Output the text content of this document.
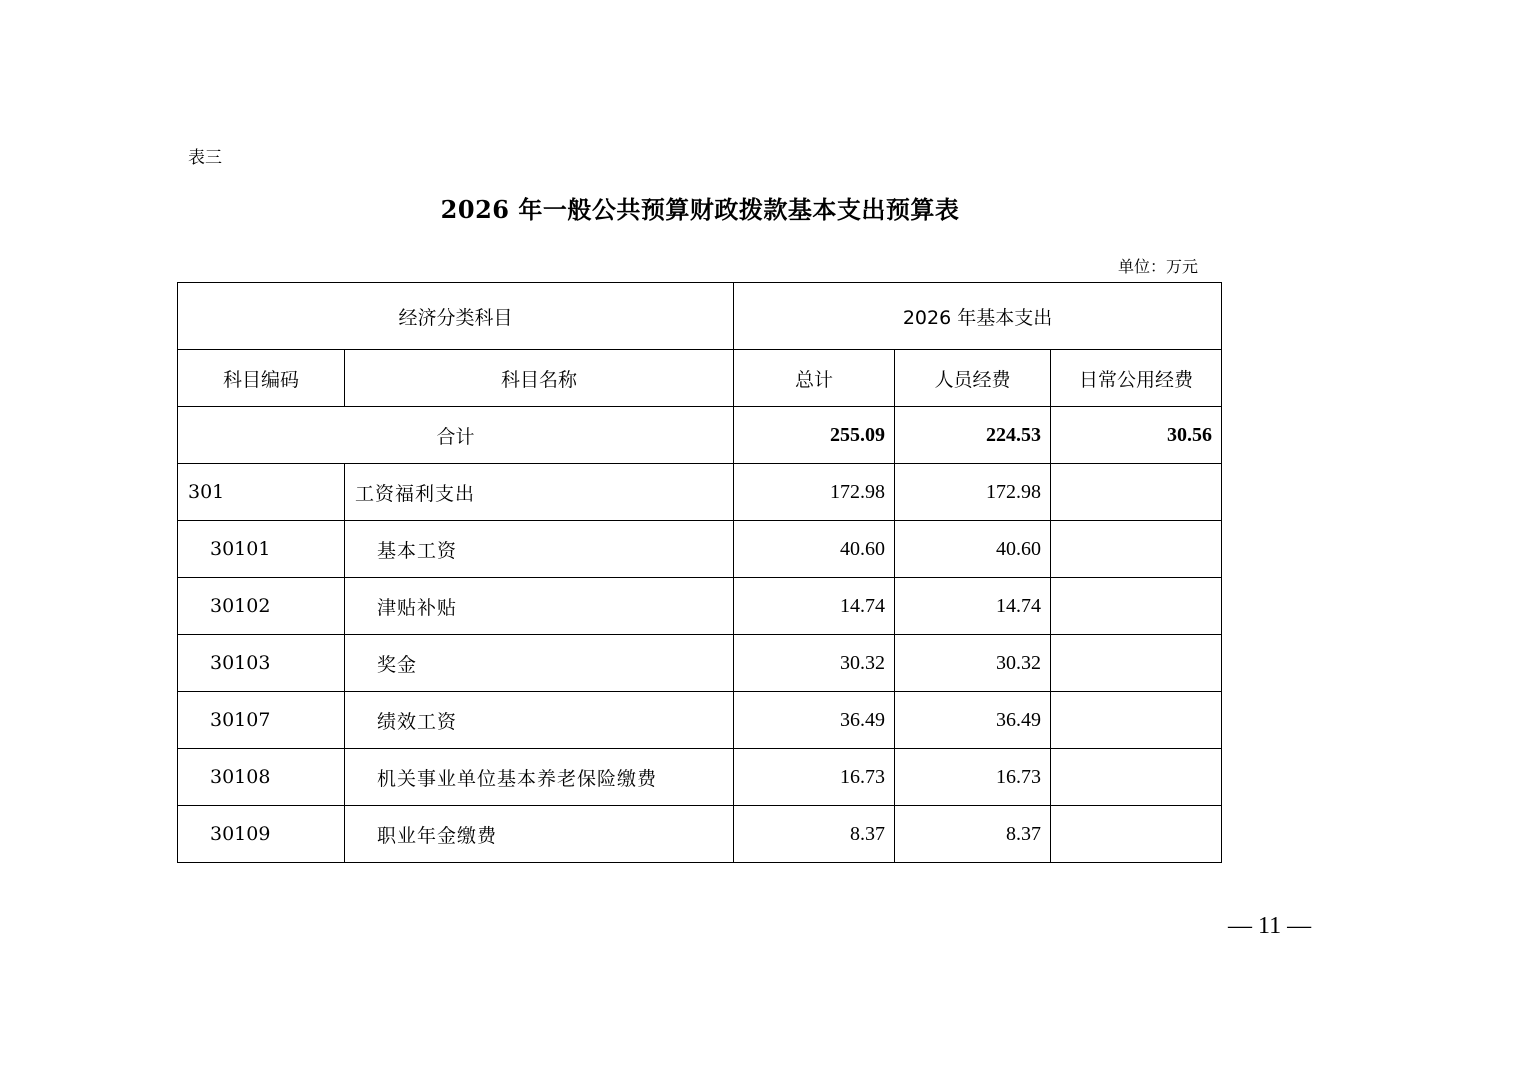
表三
2026 年一般公共预算财政拨款基本支出预算表
单位：万元
经济分类科目		2026 年基本支出		
科目编码	科目名称	总计	人员经费	日常公用经费
合计		255.09	224.53	30.56
301	工资福利支出	172.98	172.98	
30101	基本工资	40.60	40.60	
30102	津贴补贴	14.74	14.74	
30103	奖金	30.32	30.32	
30107	绩效工资	36.49	36.49	
30108	机关事业单位基本养老保险缴费	16.73	16.73	
30109	职业年金缴费	8.37	8.37	
— 11 —
